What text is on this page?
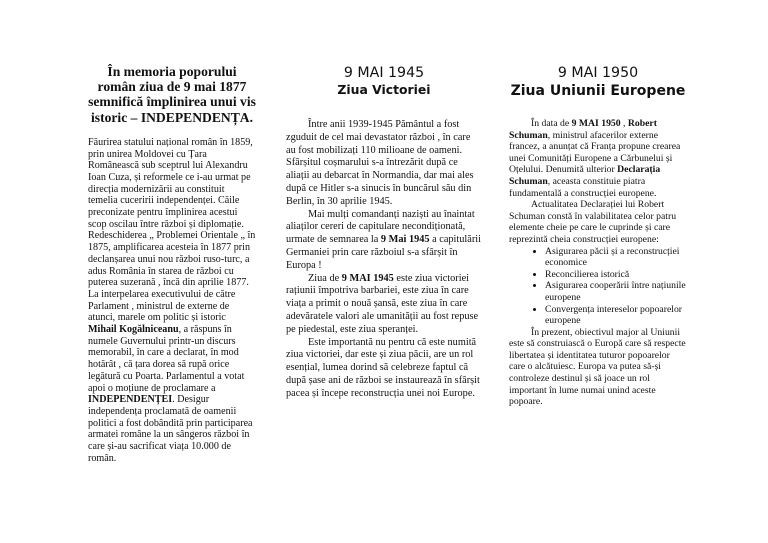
În memoria poporului român ziua de 9 mai 1877 semnifică împlinirea unui vis istoric – INDEPENDENȚA.

Făurirea statului național român în 1859, prin unirea Moldovei cu Țara Românească sub sceptrul lui Alexandru Ioan Cuza, și reformele ce i-au urmat pe direcția modernizării au constituit temelia cuceririi independenței. Căile preconizate pentru împlinirea acestui scop oscilau între război și diplomație. Redeschiderea „ Problemei Orientale „ în 1875, amplificarea acesteia în 1877 prin declanșarea unui nou război ruso-turc, a adus România în starea de război cu puterea suzerană , încă din aprilie 1877. La interpelarea executivului de către Parlament , ministrul de externe de atunci, marele om politic și istoric Mihail Kogălniceanu, a răspuns în numele Guvernului printr-un discurs memorabil, în care a declarat, în mod hotărât , că țara dorea să rupă orice legătură cu Poarta. Parlamentul a votat apoi o moțiune de proclamare a INDEPENDENȚEI. Desigur independența proclamată de oamenii politici a fost dobândită prin participarea armatei române la un sângeros război în care și-au sacrificat viața 10.000 de român.

9 MAI 1945
Ziua Victoriei

Între anii 1939-1945 Pământul a fost zguduit de cel mai devastator război , în care au fost mobilizați 110 milioane de oameni. Sfârșitul coșmarului s-a întrezărit după ce aliații au debarcat în Normandia, dar mai ales după ce Hitler s-a sinucis în buncărul său din Berlin, în 30 aprilie 1945.

Mai mulți comandanți naziști au înaintat aliaților cereri de capitulare necondiționată, urmate de semnarea la 9 Mai 1945 a capitulării Germaniei prin care războiul s-a sfârșit în Europa !

Ziua de 9 MAI 1945 este ziua victoriei rațiunii împotriva barbariei, este ziua în care viața a primit o nouă șansă, este ziua în care adevăratele valori ale umanității au fost repuse pe piedestal, este ziua speranței.

Este importantă nu pentru că este numită ziua victoriei, dar este și ziua păcii, are un rol esențial, lumea dorind să celebreze faptul că după șase ani de război se instaurează în sfârșit pacea și începe reconstrucția unei noi Europe.

9 MAI 1950
Ziua Uniunii Europene

În data de 9 MAI 1950 , Robert Schuman, ministrul afacerilor externe francez, a anunțat că Franța propune crearea unei Comunități Europene a Cărbunelui și Oțelului. Denumită ulterior Declarația Schuman, aceasta constituie piatra fundamentală a construcției europene.

Actualitatea Declarației lui Robert Schuman constă în valabilitatea celor patru elemente cheie pe care le cuprinde și care reprezintă cheia construcției europene:

• Asigurarea păcii și a reconstrucției economice
• Reconcilierea istorică
• Asigurarea cooperării între națiunile europene
• Convergența intereselor popoarelor europene

În prezent, obiectivul major al Uniunii este să construiască o Europă care să respecte libertatea și identitatea tuturor popoarelor care o alcătuiesc. Europa va putea să-și controleze destinul și să joace un rol important în lume numai unind aceste popoare.
